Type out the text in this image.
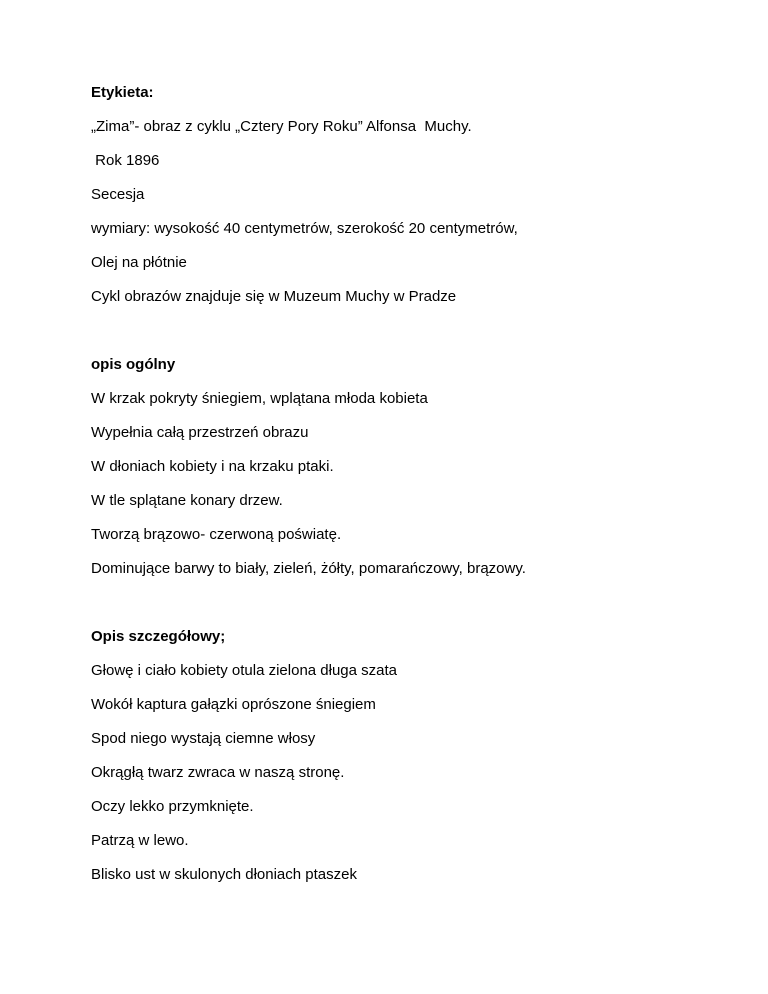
Etykieta:
„Zima”- obraz z cyklu „Cztery Pory Roku” Alfonsa  Muchy.
Rok 1896
Secesja
wymiary: wysokość 40 centymetrów, szerokość 20 centymetrów,
Olej na płótnie
Cykl obrazów znajduje się w Muzeum Muchy w Pradze
opis ogólny
W krzak pokryty śniegiem, wplątana młoda kobieta
Wypełnia całą przestrzeń obrazu
W dłoniach kobiety i na krzaku ptaki.
W tle splątane konary drzew.
Tworzą brązowo- czerwoną poświatę.
Dominujące barwy to biały, zieleń, żółty, pomarańczowy, brązowy.
Opis szczegółowy;
Głowę i ciało kobiety otula zielona długa szata
Wokół kaptura gałązki oprószone śniegiem
Spod niego wystają ciemne włosy
Okrągłą twarz zwraca w naszą stronę.
Oczy lekko przymknięte.
Patrzą w lewo.
Blisko ust w skulonych dłoniach ptaszek
